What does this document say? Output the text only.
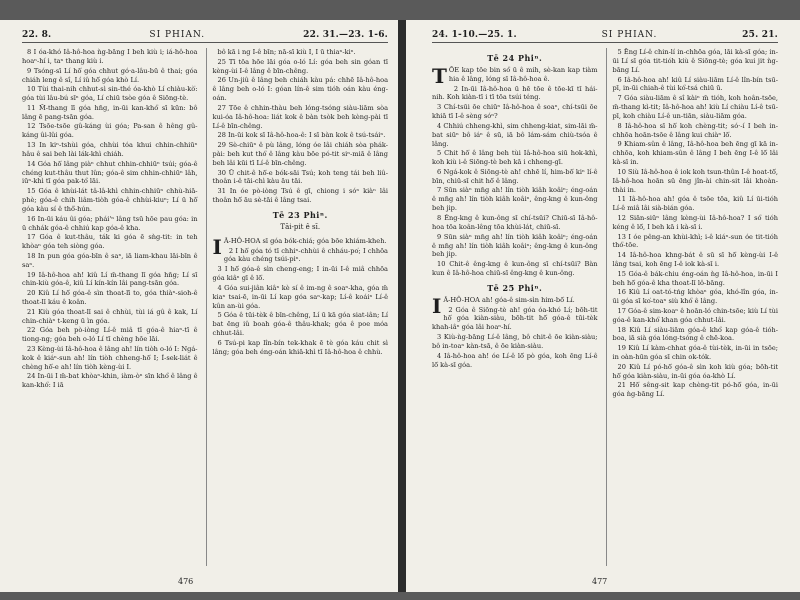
22. 8.	SI PHIAN.	22. 31.—23. 1-6.

8 I óa-khó Iâ-hô-hoa ǹg-bāng I beh kiù i; iá-hô-hoa hoaⁿ-hí i, taⁿ thang kiù i.

9 Tsóng-sī Lí hō͘ góa chhut gó·a-lâu-bū ê thai; góa chiáh leng ê sî, Lí iû hō͘ góa khò Lí.

10 Tùi thai-nih chhut-sì sin-thé óa-khò Lí chiàu-kò͘: góa tùi lâu-bú sīⁿ góa, Lí chiū tsòe góa ê Siōng-tè.

11 M̄-thang lī góa hn̄g, in-ūi kan-khó͘ sī kūn: bô lâng ē pang-tsān góa.

12 Tsōe-tsōe gû-káng ùi góa; Pa-san ê hêng gû-káng ûi-lûi góa.

13 In kiⁿ-tshùi góa, chhùi tóa khui chhin-chhiūⁿ hâu ê sai beh lài lák-khì chiáh.

14 Góa hō͘ lâng piàⁿ chhut chhin-chhiūⁿ tsúi; góa-ê chéng kut-thâu thut lûn; góa-ê sim chhin-chhiūⁿ lâh, iūⁿ-khì tī góa pak-tó͘ lāi.

15 Góa ê khùi-lát tâ-lâ-khì chhin-chhiūⁿ chhù-hiā-phè; góa-ê chih liâm-tiòh góa-ê chhùi-kiuⁿ; Lí ū hō͘ góa kàu sí ê thô͘-hún.

16 In-ūi káu ûi góa; phái'ⁿ lâng tsū hōe pau góa: in ū chhák góa-ê chhiú kap góa-ê kha.

17 Góa ê kut-thâu, ták ki góa ē sǹg-tit: in teh khòaⁿ góa teh siòng góa.

18 In pun góa góa-bīn ê saⁿ, iā liam-khau lāi-bīn ê saⁿ.

19 Iâ-hô-hoa ah! kiû Lí m̄-thang lī góa hn̄g; Lí sī chin-kiù góa-ê, kiû Lí kín-kín lâi pang-tsān góa.

20 Kiû Lí hō͘ góa-ê sìn thoat-lī to, góa thiàⁿ-sioh-ê thoat-lī káu ê koân.

21 Kiù góa thoat-lī sai ê chhùi, tùi iá gû ê kak, Lí chin-chiàⁿ t-keng ū ìn góa.

22 Góa beh pò-iòng Lí-ê miâ tī góa-ê hiaⁿ-tī ê tiong-ng; góa beh o-ló Lí tī chèng hōe lāi.

23 Kèng-ùi Iâ-hô-hoa ê lâng ah! lín tiòh o-ló I: Ngá-kok ê kiáⁿ-sun ah! lín tiòh chheng-hō͘ I; Í-sek-liát ê chèng hō͘-e ah! lín tiòh kèng-ùi I.

24 In-ūi I m̄-bat khòaⁿ-khin, iàm-òⁿ sīn khó͘ ê lâng ê kan-khó͘: I iā

bô kā i ng I-ê bīn; nā-sī kiù I, I ū thiaⁿ-kiⁿ.

25 Tī tōa hōe lāi góa o-ló Lí: góa beh sin góan tī kèng-ùi I-ê lâng ê bīn-chêng.

26 Un-jiû ê lâng beh chiáh kàu pá: chhē Iâ-hô-hoa ê lâng beh o-ló I: góan lín-ê sim tióh oán kàu éng-oán.

27 Tōe ê chhin-thàu beh lóng-tsóng siàu-liām sòa kui-óa Iâ-hô-hoa: liát kok ê bàn tsòk beh kèng-pài tī Lí-ê bīn-chêng.

28 In-ūi kok sī Iâ-hô-hoa-ê: I sī bàn kok ê tsú-tsáiⁿ.

29 Sè-chiūⁿ ê pù lâng, lóng óe lâi chiáh sòa phák-pài: beh kut thó͘ ê lâng kàu bōe pó-tit siⁿ-miā ê lâng beh lâi kūi tī Lí-ê bīn-chêng.

30 Ū chit-ê hō͘-e bók-sāi Tsú; koh teng tái beh liû-thoân i-ê tāi-chì kàu āu tāi.

31 In óe pò-iòng Tsú ê gī, chiong i sóⁿ kiàⁿ lâi thoân hō͘ āu sè-tāi ê lâng tsai.

Tē 23 Phiⁿ.
Tāi-pit ê sī.

I Â-HÔ-HOA sī góa bók-chiá; góa bōe khiám-kheh.

2 I hō͘ góa tó tī chhiⁿ-chhùi ê chháu-po͘; I chhōa góa kàu chéng tsúi-piⁿ.

3 I hō͘ góa-ê sìn cheng-eng; I in-ūi I-ê miâ chhōa góa kiâⁿ gī ê lō͘.

4 Góa sui-jiân kiâⁿ kè sí ê im-ng ê soaⁿ-kha, góa m̄ kiaⁿ tsai-ē, in-ūi Lí kap góa saⁿ-kap; Lí-ê koáiⁿ Lí-ê kûn an-ùi góa.

5 Góa ê tūi-tèk ê bīn-chêng, Lí ū kā góa siat-iân; Lí bat ēng iû boah góa-ê thâu-khak; góa ê poe móa chhut-lâi.

6 Tsú-pi kap lîn-bín tek-khak ē tè góa káu chit sì lâng; góa beh éng-oán khiā-khì tī Iâ-hô-hoa ê chhù.

476
24. 1-10.—25. 1.	SI PHIAN.	25. 21.
Tē 24 Phiⁿ.

TŌE kap tōe bin só͘ ū ê mih, sè-kan kap tiàm hia ê lâng, lóng sī Iâ-hô-hoa ê.

2 In-ūi Iâ-hô-hoa ū hē tōe ê tōe-kī tī hái-nih. Koh kiàn-tī i tī tōa tsúi téng.

3 Chí-tsūi ōe chiūⁿ Iâ-hô-hoa ê soaⁿ, chí-tsūi ōe khiā tī I-ê sèng sóⁿ?

4 Chhiú chheng-khì, sim chheng-kiat, sim-lāi m̄-bat siūⁿ bô iáⁿ ê sū, iā bô lám-sám chiù-tsóa ê lâng.

5 Chit hō͘ ê lâng beh tùi Iâ-hô-hoa siū hok-khì, koh kiù i-ê Siōng-tè beh kā i chheng-gī.

6 Ngá-kok ê Siōng-tè ah! chhē lí, him-bō͘ kiⁿ lí-ê bīn, chiū-sī chit hō͘ ê lâng.

7 Sūn siàⁿ mn̄g ah! lín tiòh kiâh koâiⁿ; éng-oán ê mn̄g ah! lín tiòh kiâh koâiⁿ, êng-kng ê kun-ông beh jip.

8 Êng-kng ê kun-ông sī chí-tsūi? Chiū-sī Iâ-hô-hoa tōa koân-lêng tōa khùi-lát, chiū-sī.

9 Sūn siàⁿ mn̄g ah! lín tiòh kiâh koâiⁿ; éng-oán ê mn̄g ah! lín tiòh kiâh koâiⁿ; êng-kng ê kun-ông beh jip.

10 Chit-ê êng-kng ê kun-ông sī chí-tsūi? Bàn kun ê Iâ-hô-hoa chiū-sī êng-kng ê kun-ông.

Tē 25 Phiⁿ.

I Â-HÔ-HOA ah! góa-ê sim-sìn him-bō͘ Lí.

2 Góa ê Siōng-tè ah! góa óa-khó Lí; bōh-tit hō͘ góa kiàn-siàu, bōh-tit hō͘ góa-ê tūi-tèk khah-iâⁿ góa lâi hoaⁿ-hí.

3 Kiù-ǹg-bāng Lí-ê lâng, bô chit-ê ōe kiàn-siàu; bô in-toaⁿ kàn-tsā, ê ōe kiàn-siàu.

4 Iâ-hô-hoa ah! óe Lí-ê lō͘ pò góa, koh ēng Lí-ê lō͘ kà-sī góa.

5 Ēng Lí-ê chin-lí in-chhōa góa, lāi kà-sī góa; in-ūi Lí sī góa tit-tióh kiù ê Siōng-tè; góa kui jit ǹg-bāng Lí.

6 Iâ-hô-hoa ah! kiû Lí siàu-liām Lí-ê lîn-bín tsū-pī, in-ūi chiah-ê tùi kó͘-tsá chiū ū.

7 Góa siàu-liām ê sî kàiⁿ m̄ tióh, koh hoân-tsōe, m̄-thang kì-tit; Iâ-hô-hoa ah! kiù Lí chiàu Lí-ê tsū-pī, koh chiàu Lí-ê un-tiān, siàu-liām góa.

8 Iâ-hô-hoa sī hō͘ koh chèng-tit; só·-í I beh in-chhōa hoān-tsōe ê lâng kui chiàⁿ lō͘.

9 Khiam-sûn ê lâng, Iâ-hô-hoa beh ēng gī kā in-chhōa, koh khiam-sûn ê lâng I beh ēng I-ê lō͘ lâi kà-sī in.

10 Siù Iâ-hô-hoa ê iok koh tsun-thûn I-ê hoat-tō͘, Iâ-hô-hoa hoān sū ēng jîn-ài chin-sit lâi khoàn-thài in.

11 Iâ-hô-hoa ah! góa ê tsōe tōa, kiû Lí ūi-tióh Lí-ê miâ lâi sià-bián góa.

12 Siān-siūⁿ lâng kèng-ùi Iâ-hô-hoa? I só͘ tióh kéng ê lō͘, I beh kā i kà-sī i.

13 I óe pêng-an khùi-khì; i-ê kiáⁿ-sun óe tit-tióh thó͘-tōe.

14 Iâ-hô-hoa khng-bát ê sū sī hō͘ kèng-ùi I-ê lâng tsai, koh ēng I-ê iok kà-sī i.

15 Góa-ê bák-chiu éng-oán ǹg Iâ-hô-hoa, in-ūi I beh hō͘ góa-ê kha thoat-lī lô-bāng.

16 Kiû Lí oat-tó-tńg khòaⁿ góa, khó-lîn góa, in-ūi góa sī ko͘-toaⁿ siù khó͘ ê lâng.

17 Góa-ê sim-koaⁿ ê hoān-ló chin-tsōe; kiù Lí tùi góa-ê kan-khó͘ khan góa chhut-lâi.

18 Kiû Lí siàu-liām góa-ê khó͘ kap góa-ê tióh-boa, iā sià góa lóng-tsóng ê chē-koa.

19 Kiû Lí kàm-chhat góa-ê tùi-tèk, in-ūi in tsōe; in oàn-hūn góa sī chin ok-tók.

20 Kiû Lí pó-hō͘ góa-ê sìn koh kiù góa; bōh-tit hō͘ góa kiàn-siàu, in-ūi góa óa-khò Lí.

21 Hō͘ sêng-sit kap chèng-tit pó-hō͘ góa, in-ūi góa ǹg-bāng Lí.

477
